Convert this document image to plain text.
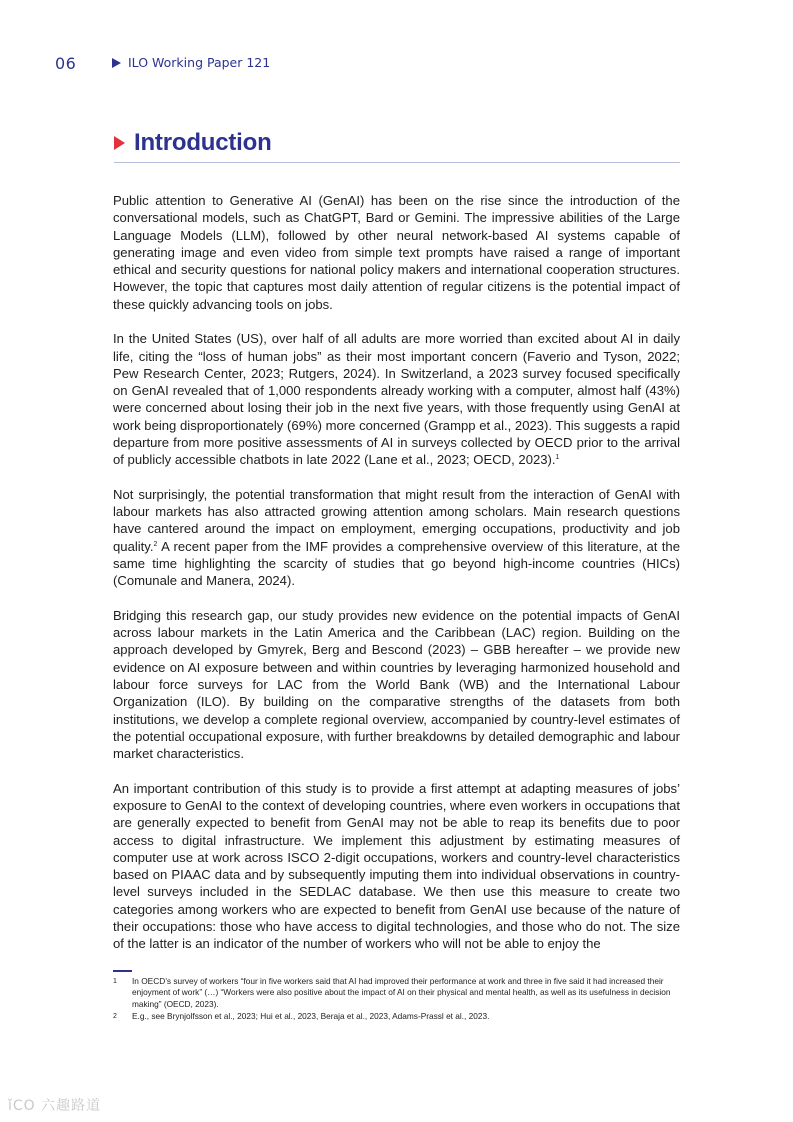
06	ILO Working Paper 121
Introduction

Public attention to Generative AI (GenAI) has been on the rise since the introduction of the conversational models, such as ChatGPT, Bard or Gemini. The impressive abilities of the Large Language Models (LLM), followed by other neural network-based AI systems capable of generating image and even video from simple text prompts have raised a range of important ethical and security questions for national policy makers and international cooperation structures. However, the topic that captures most daily attention of regular citizens is the potential impact of these quickly advancing tools on jobs.

In the United States (US), over half of all adults are more worried than excited about AI in daily life, citing the “loss of human jobs” as their most important concern (Faverio and Tyson, 2022; Pew Research Center, 2023; Rutgers, 2024). In Switzerland, a 2023 survey focused specifically on GenAI revealed that of 1,000 respondents already working with a computer, almost half (43%) were concerned about losing their job in the next five years, with those frequently using GenAI at work being disproportionately (69%) more concerned (Grampp et al., 2023). This suggests a rapid departure from more positive assessments of AI in surveys collected by OECD prior to the arrival of publicly accessible chatbots in late 2022 (Lane et al., 2023; OECD, 2023).$^1$

Not surprisingly, the potential transformation that might result from the interaction of GenAI with labour markets has also attracted growing attention among scholars. Main research questions have cantered around the impact on employment, emerging occupations, productivity and job quality.$^2$ A recent paper from the IMF provides a comprehensive overview of this literature, at the same time highlighting the scarcity of studies that go beyond high-income countries (HICs) (Comunale and Manera, 2024).

Bridging this research gap, our study provides new evidence on the potential impacts of GenAI across labour markets in the Latin America and the Caribbean (LAC) region. Building on the approach developed by Gmyrek, Berg and Bescond (2023) – GBB hereafter – we provide new evidence on AI exposure between and within countries by leveraging harmonized household and labour force surveys for LAC from the World Bank (WB) and the International Labour Organization (ILO). By building on the comparative strengths of the datasets from both institutions, we develop a complete regional overview, accompanied by country-level estimates of the potential occupational exposure, with further breakdowns by detailed demographic and labour market characteristics.

An important contribution of this study is to provide a first attempt at adapting measures of jobs’ exposure to GenAI to the context of developing countries, where even workers in occupations that are generally expected to benefit from GenAI may not be able to reap its benefits due to poor access to digital infrastructure. We implement this adjustment by estimating measures of computer use at work across ISCO 2-digit occupations, workers and country-level characteristics based on PIAAC data and by subsequently imputing them into individual observations in country-level surveys included in the SEDLAC database. We then use this measure to create two categories among workers who are expected to benefit from GenAI use because of the nature of their occupations: those who have access to digital technologies, and those who do not. The size of the latter is an indicator of the number of workers who will not be able to enjoy the

1	In OECD’s survey of workers “four in five workers said that AI had improved their performance at work and three in five said it had increased their enjoyment of work” (…) “Workers were also positive about the impact of AI on their physical and mental health, as well as its usefulness in decision making” (OECD, 2023).
2	E.g., see Brynjolfsson et al., 2023; Hui et al., 2023, Beraja et al., 2023, Adams-Prassl et al., 2023.
ǐCO 六趣路道
